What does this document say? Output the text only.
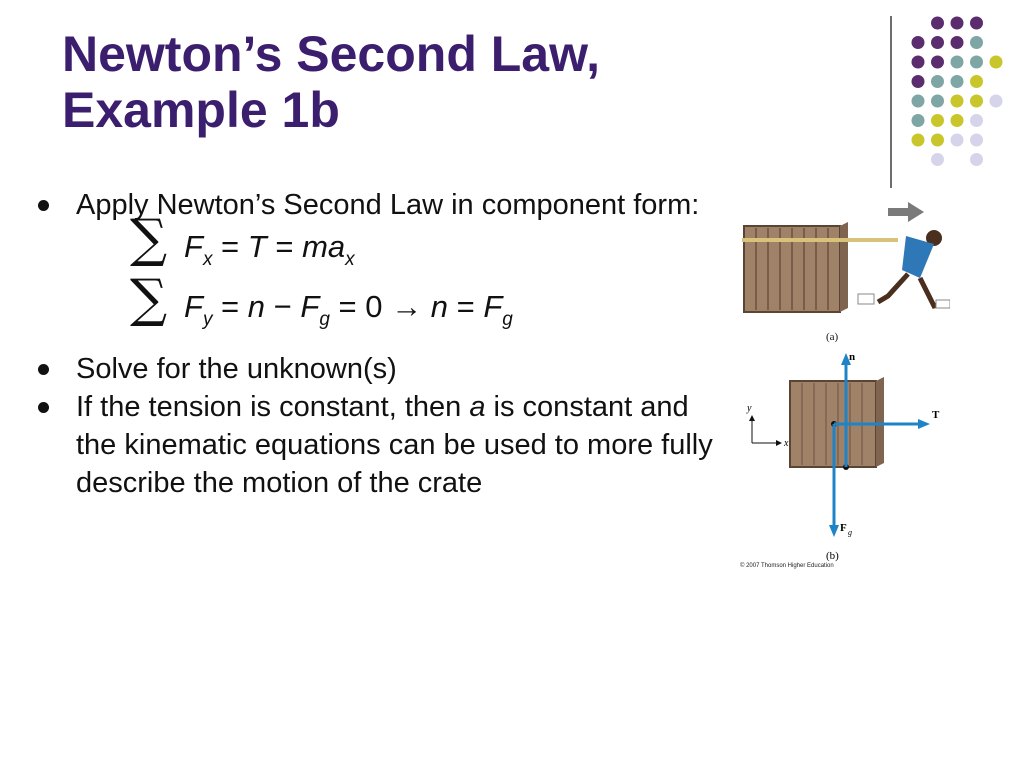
Newton’s Second Law,
Example 1b
Apply Newton’s Second Law in component form:
∑ $F_x = T = ma_x$
∑ $F_y = n - F_g = 0 \to n = F_g$
Solve for the unknown(s)
If the tension is constant, then a is constant and the kinematic equations can be used to more fully describe the motion of the crate
n
T
F g
y
x
(b)
(a)
© 2007 Thomson Higher Education
